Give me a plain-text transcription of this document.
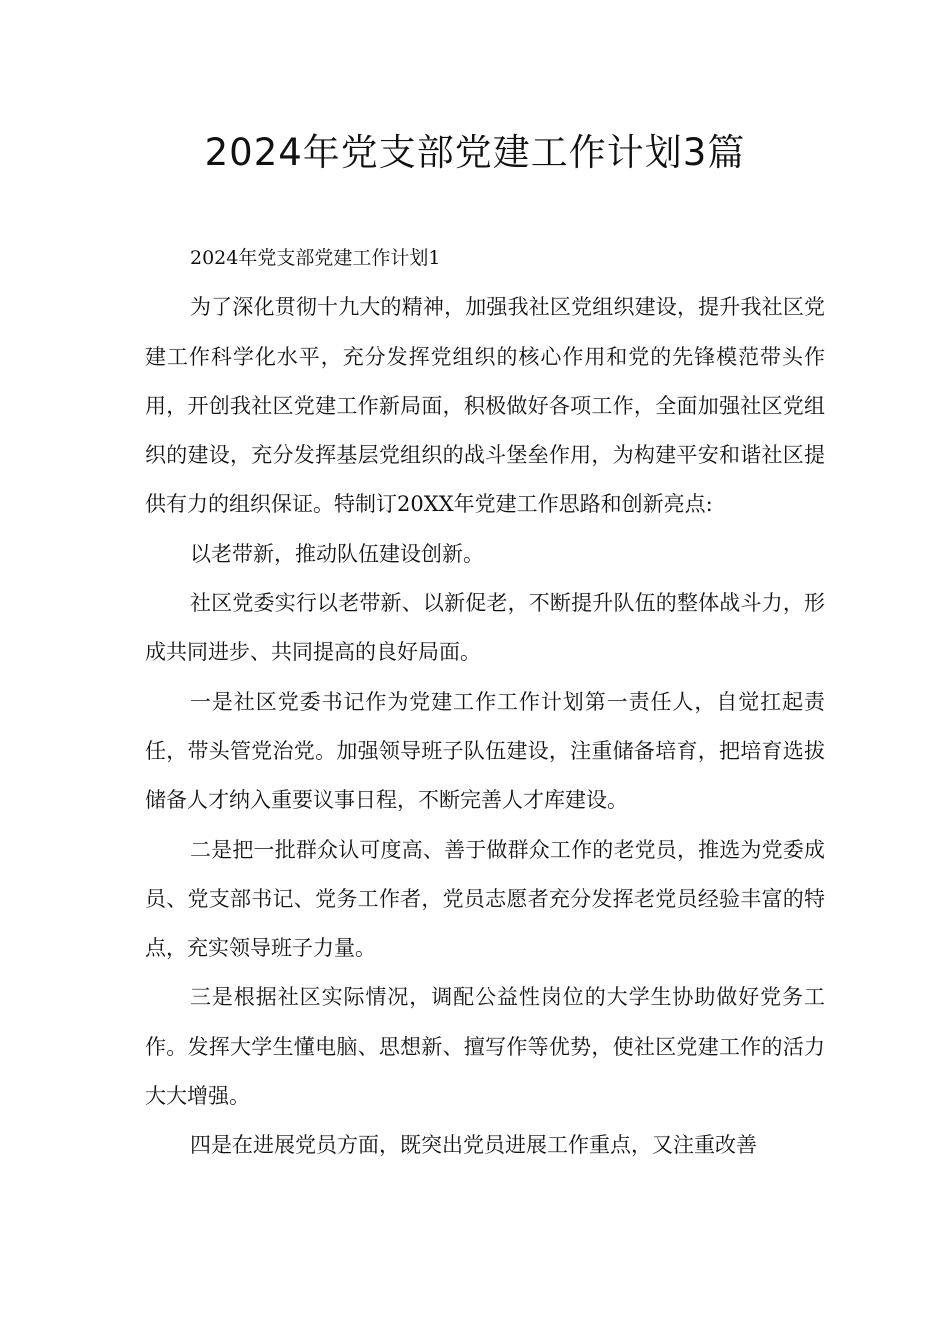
2024年党支部党建工作计划3篇

2024年党支部党建工作计划1

为了深化贯彻十九大的精神，加强我社区党组织建设，提升我社区党建工作科学化水平，充分发挥党组织的核心作用和党的先锋模范带头作用，开创我社区党建工作新局面，积极做好各项工作，全面加强社区党组织的建设，充分发挥基层党组织的战斗堡垒作用，为构建平安和谐社区提供有力的组织保证。特制订20XX年党建工作思路和创新亮点:

以老带新，推动队伍建设创新。

社区党委实行以老带新、以新促老，不断提升队伍的整体战斗力，形成共同进步、共同提高的良好局面。

一是社区党委书记作为党建工作工作计划第一责任人，自觉扛起责任，带头管党治党。加强领导班子队伍建设，注重储备培育，把培育选拔储备人才纳入重要议事日程，不断完善人才库建设。

二是把一批群众认可度高、善于做群众工作的老党员，推选为党委成员、党支部书记、党务工作者，党员志愿者充分发挥老党员经验丰富的特点，充实领导班子力量。

三是根据社区实际情况，调配公益性岗位的大学生协助做好党务工作。发挥大学生懂电脑、思想新、擅写作等优势，使社区党建工作的活力大大增强。

四是在进展党员方面，既突出党员进展工作重点，又注重改善
